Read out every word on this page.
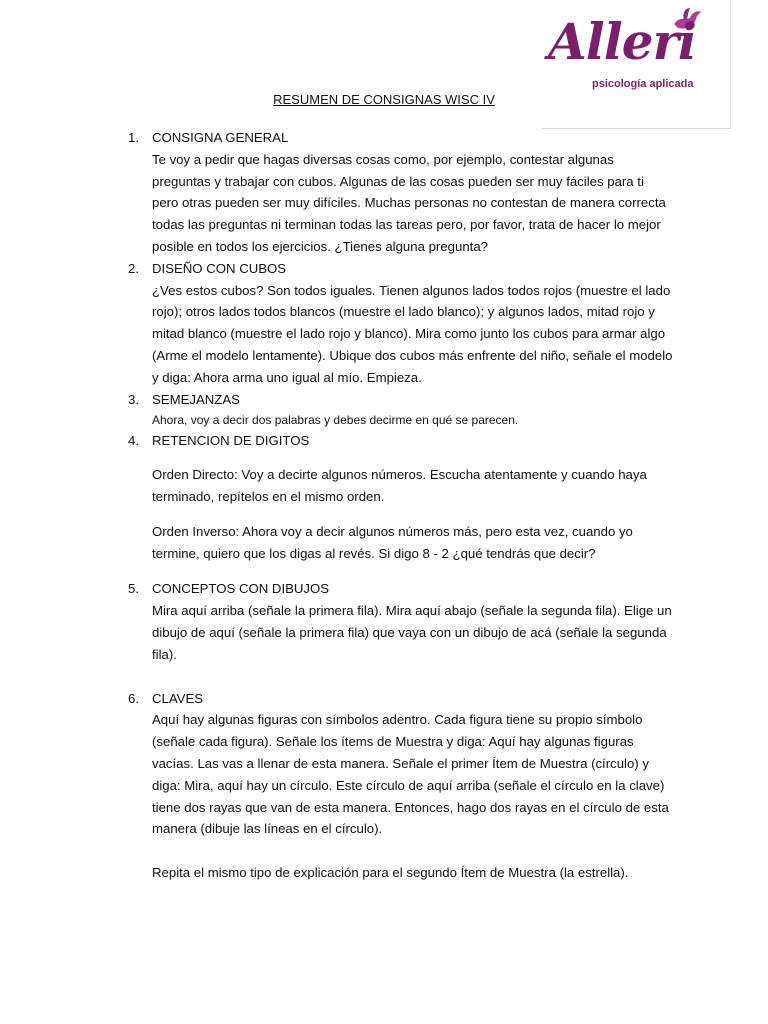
Alleri
psicología aplicada
RESUMEN DE CONSIGNAS WISC IV
1. CONSIGNA GENERAL

Te voy a pedir que hagas diversas cosas como, por ejemplo, contestar algunas preguntas y trabajar con cubos. Algunas de las cosas pueden ser muy fáciles para ti pero otras pueden ser muy difíciles. Muchas personas no contestan de manera correcta todas las preguntas ni terminan todas las tareas pero, por favor, trata de hacer lo mejor posible en todos los ejercicios. ¿Tienes alguna pregunta?

2. DISEÑO CON CUBOS

¿Ves estos cubos? Son todos iguales. Tienen algunos lados todos rojos (muestre el lado rojo); otros lados todos blancos (muestre el lado blanco); y algunos lados, mitad rojo y mitad blanco (muestre el lado rojo y blanco). Mira como junto los cubos para armar algo (Arme el modelo lentamente). Ubique dos cubos más enfrente del niño, señale el modelo y diga: Ahora arma uno igual al mío. Empieza.

3. SEMEJANZAS

Ahora, voy a decir dos palabras y debes decirme en qué se parecen.

4. RETENCION DE DIGITOS

Orden Directo: Voy a decirte algunos números. Escucha atentamente y cuando haya terminado, repítelos en el mismo orden.

Orden Inverso: Ahora voy a decir algunos números más, pero esta vez, cuando yo termine, quiero que los digas al revés. Si digo 8 - 2 ¿qué tendrás que decir?

5. CONCEPTOS CON DIBUJOS

Mira aquí arriba (señale la primera fila). Mira aquí abajo (señale la segunda fila). Elige un dibujo de aquí (señale la primera fila) que vaya con un dibujo de acá (señale la segunda fila).

6. CLAVES

Aquí hay algunas figuras con símbolos adentro. Cada figura tiene su propio símbolo (señale cada figura). Señale los ítems de Muestra y diga: Aquí hay algunas figuras vacías. Las vas a llenar de esta manera. Señale el primer Ítem de Muestra (círculo) y diga: Mira, aquí hay un círculo. Este círculo de aquí arriba (señale el círculo en la clave) tiene dos rayas que van de esta manera. Entonces, hago dos rayas en el círculo de esta manera (dibuje las líneas en el círculo).

Repita el mismo tipo de explicación para el segundo Ítem de Muestra (la estrella).
